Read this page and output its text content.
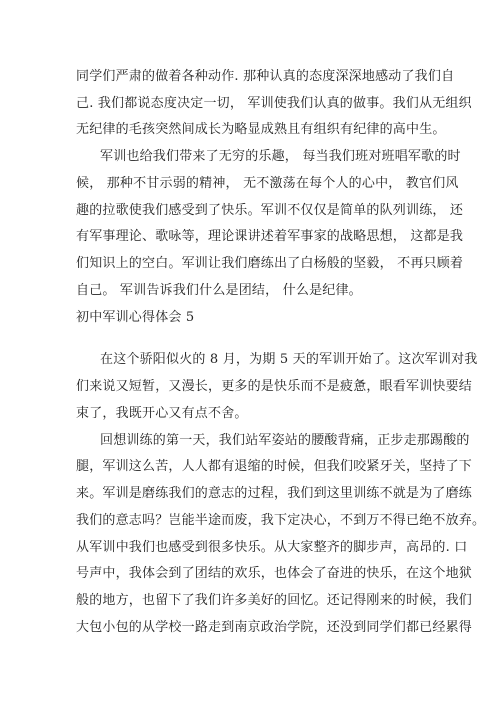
同学们严肃的做着各种动作. 那种认真的态度深深地感动了我们自

己. 我们都说态度决定一切， 军训使我们认真的做事。我们从无组织

无纪律的毛孩突然间成长为略显成熟且有组织有纪律的高中生。

军训也给我们带来了无穷的乐趣， 每当我们班对班唱军歌的时

候， 那种不甘示弱的精神， 无不激荡在每个人的心中， 教官们风

趣的拉歌使我们感受到了快乐。军训不仅仅是简单的队列训练， 还

有军事理论、歌咏等，理论课讲述着军事家的战略思想， 这都是我

们知识上的空白。军训让我们磨练出了白杨般的坚毅， 不再只顾着

自己。 军训告诉我们什么是团结， 什么是纪律。

初中军训心得体会 5

在这个骄阳似火的 8 月，为期 5 天的军训开始了。这次军训对我

们来说又短暂，又漫长，更多的是快乐而不是疲惫，眼看军训快要结

束了，我既开心又有点不舍。

回想训练的第一天，我们站军姿站的腰酸背痛，正步走那踢酸的

腿，军训这么苦，人人都有退缩的时候，但我们咬紧牙关，坚持了下

来。军训是磨练我们的意志的过程，我们到这里训练不就是为了磨练

我们的意志吗？岂能半途而废，我下定决心，不到万不得已绝不放弃。

从军训中我们也感受到很多快乐。从大家整齐的脚步声，高昂的. 口

号声中，我体会到了团结的欢乐，也体会了奋进的快乐，在这个地狱

般的地方，也留下了我们许多美好的回忆。还记得刚来的时候，我们

大包小包的从学校一路走到南京政治学院，还没到同学们都已经累得
